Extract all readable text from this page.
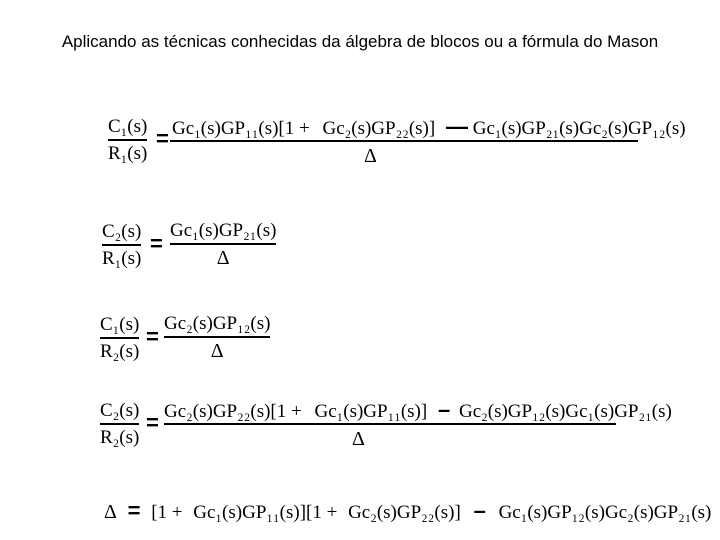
Aplicando as técnicas conhecidas da álgebra de blocos ou a fórmula do Mason
C₁(s)
R₁(s)
= Gc₁(s)GP₁₁(s)[1 + Gc₂(s)GP₂₂(s)] — Gc₁(s)GP₂₁(s)Gc₂(s)GP₁₂(s)
Δ
C₂(s)
R₁(s)
=
Gc₁(s)GP₂₁(s)
Δ
C₁(s)
R₂(s)
=
Gc₂(s)GP₁₂(s)
Δ
C₂(s)
R₂(s)
= Gc₂(s)GP₂₂(s)[1 + Gc₁(s)GP₁₁(s)] – Gc₂(s)GP₁₂(s)Gc₁(s)GP₂₁(s)
Δ
Δ = [1 + Gc₁(s)GP₁₁(s)][1 + Gc₂(s)GP₂₂(s)] – Gc₁(s)GP₁₂(s)Gc₂(s)GP₂₁(s)
